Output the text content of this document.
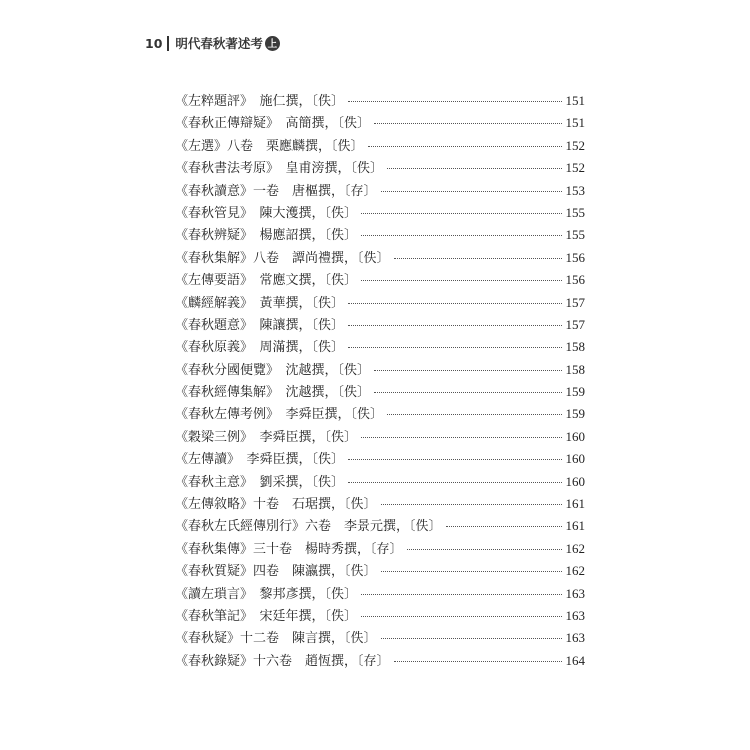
10 明代春秋著述考 上
《左粹題評》　施仁撰，〔佚〕	151
《春秋正傳辯疑》　高簡撰，〔佚〕	151
《左選》八卷　栗應麟撰，〔佚〕	152
《春秋書法考原》　皇甫滂撰，〔佚〕	152
《春秋讀意》一卷　唐樞撰，〔存〕	153
《春秋管見》　陳大濩撰，〔佚〕	155
《春秋辨疑》　楊應詔撰，〔佚〕	155
《春秋集解》八卷　譚尚禮撰，〔佚〕	156
《左傳要語》　常應文撰，〔佚〕	156
《麟經解義》　黃華撰，〔佚〕	157
《春秋題意》　陳讓撰，〔佚〕	157
《春秋原義》　周滿撰，〔佚〕	158
《春秋分國便覽》　沈越撰，〔佚〕	158
《春秋經傳集解》　沈越撰，〔佚〕	159
《春秋左傳考例》　李舜臣撰，〔佚〕	159
《穀梁三例》　李舜臣撰，〔佚〕	160
《左傳讀》　李舜臣撰，〔佚〕	160
《春秋主意》　劉采撰，〔佚〕	160
《左傳敘略》十卷　石琚撰，〔佚〕	161
《春秋左氏經傳別行》六卷　李景元撰，〔佚〕	161
《春秋集傳》三十卷　楊時秀撰，〔存〕	162
《春秋質疑》四卷　陳瀛撰，〔佚〕	162
《讀左瑣言》　黎邦彥撰，〔佚〕	163
《春秋筆記》　宋廷年撰，〔佚〕	163
《春秋疑》十二卷　陳言撰，〔佚〕	163
《春秋錄疑》十六卷　趙恆撰，〔存〕	164
